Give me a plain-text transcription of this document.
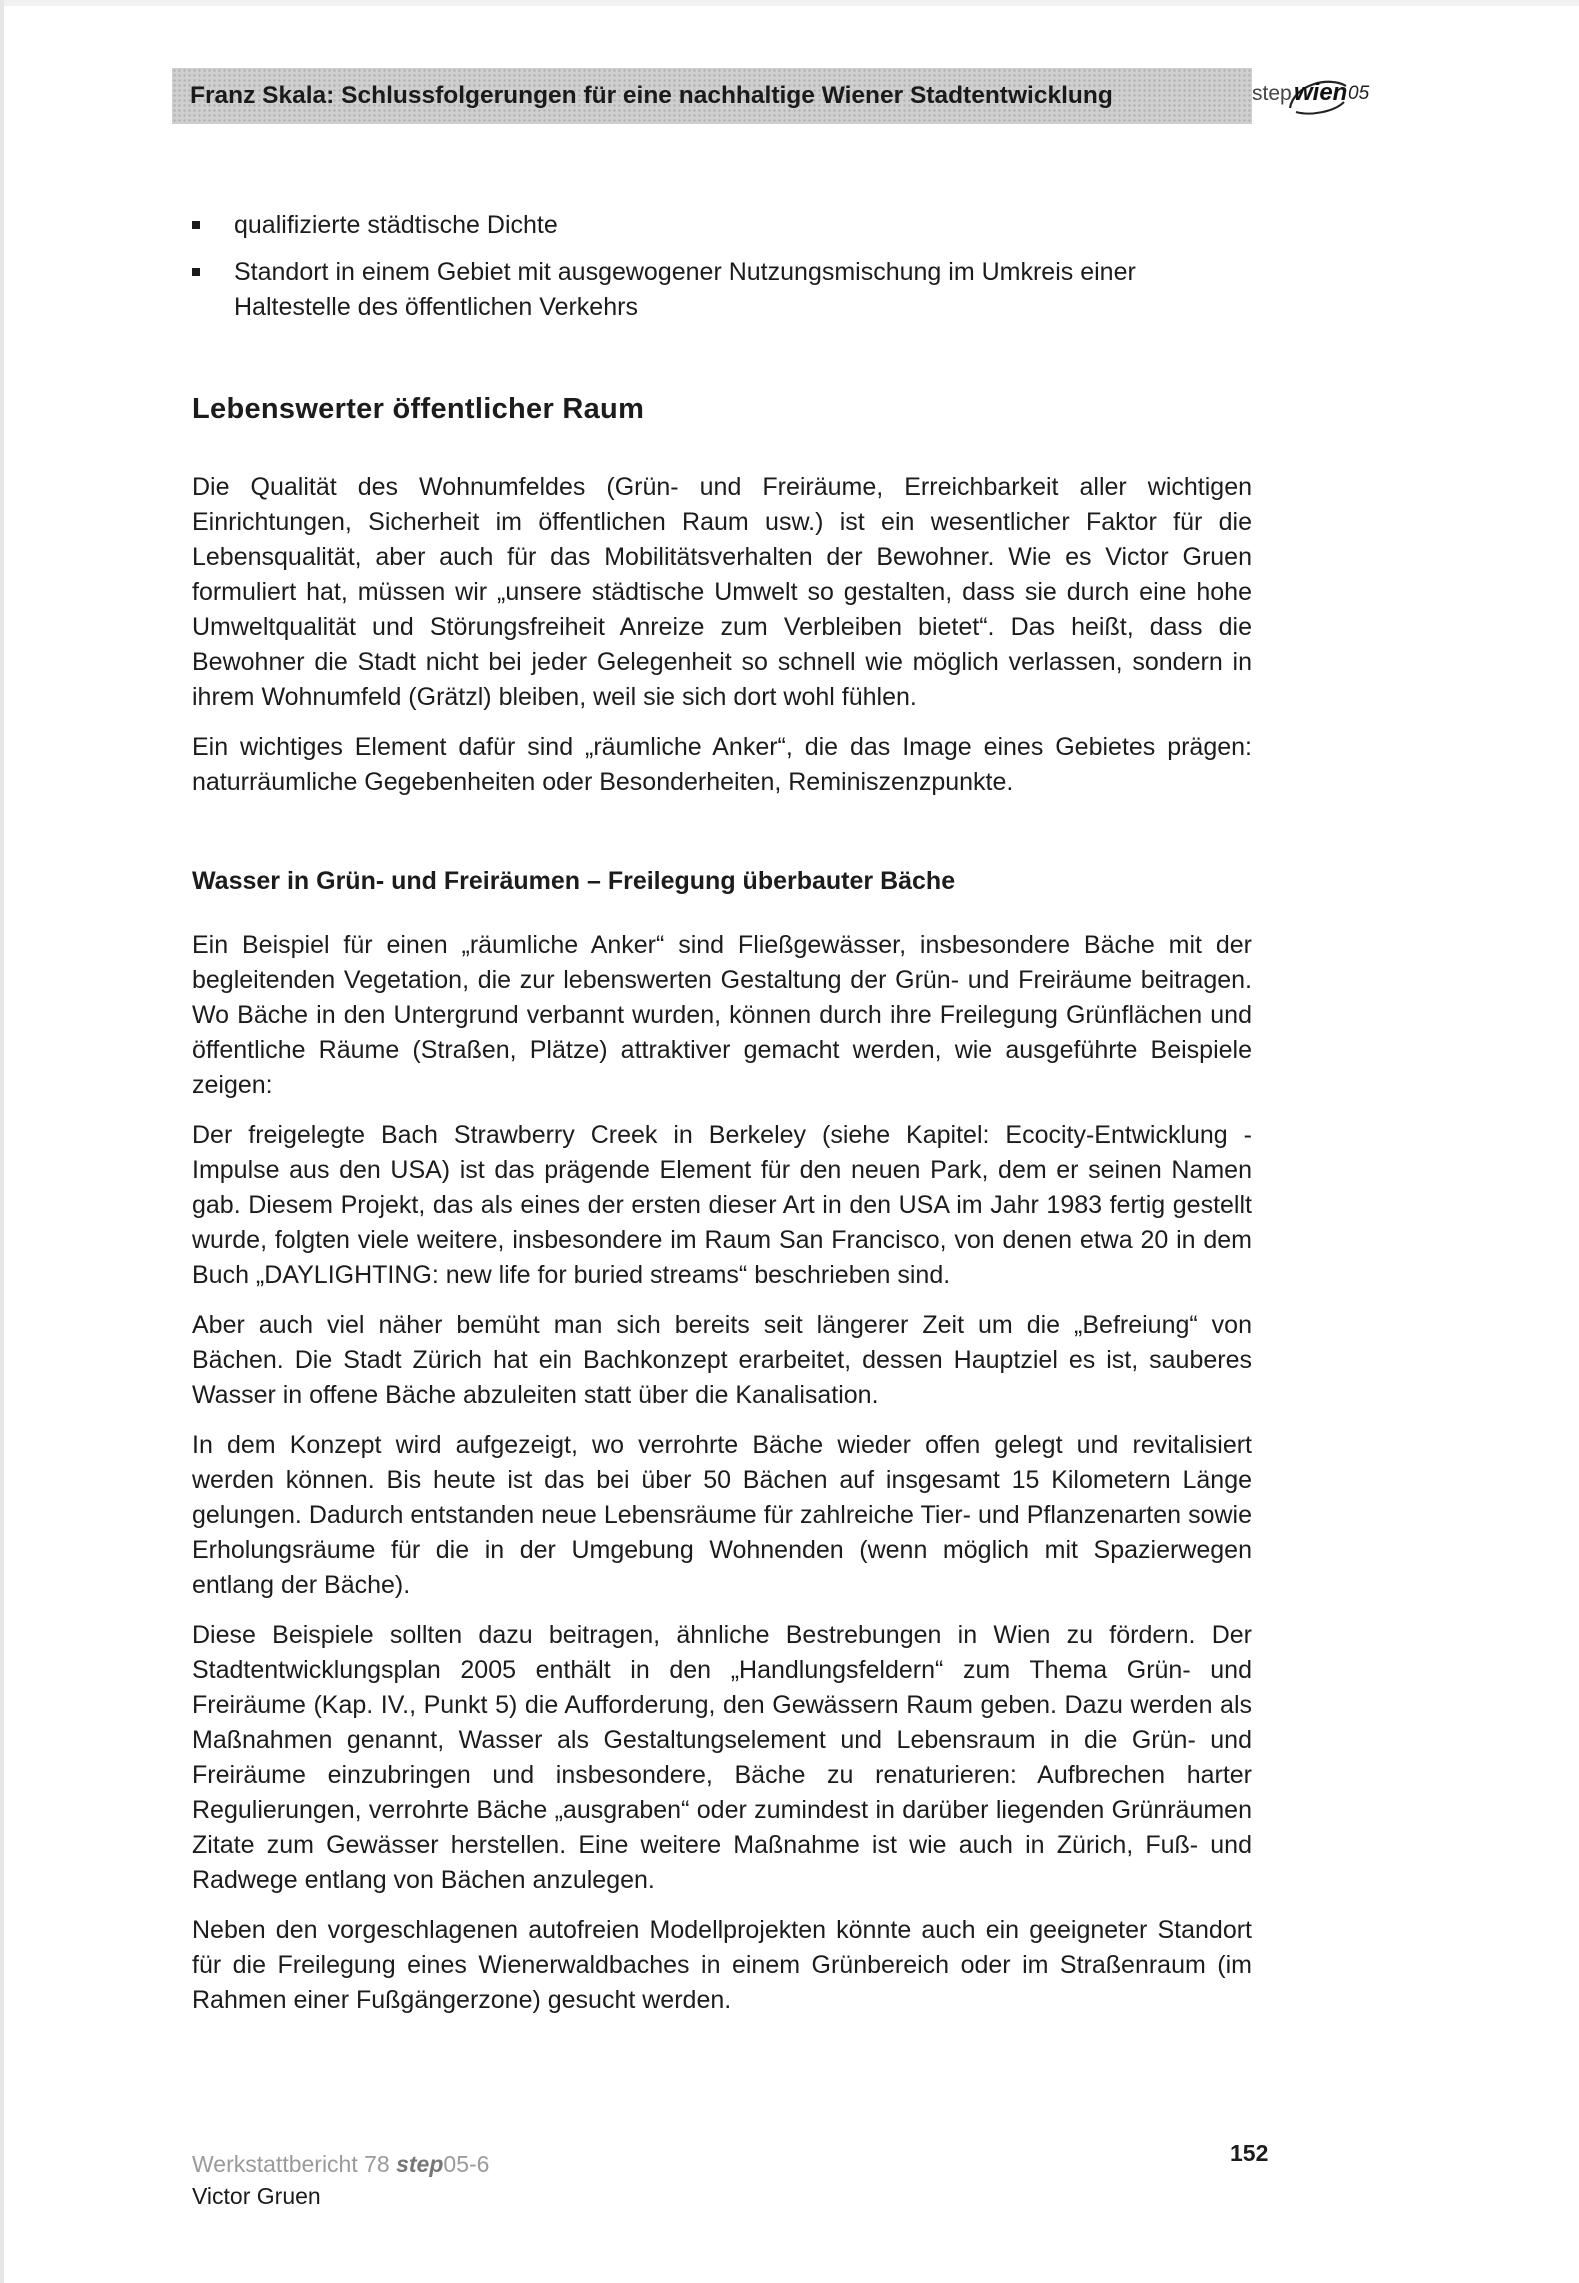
Franz Skala: Schlussfolgerungen für eine nachhaltige Wiener Stadtentwicklung	step wien 05
qualifizierte städtische Dichte
Standort in einem Gebiet mit ausgewogener Nutzungsmischung im Umkreis einer Haltestelle des öffentlichen Verkehrs
Lebenswerter öffentlicher Raum

Die Qualität des Wohnumfeldes (Grün- und Freiräume, Erreichbarkeit aller wichtigen Einrichtungen, Sicherheit im öffentlichen Raum usw.) ist ein wesentlicher Faktor für die Lebensqualität, aber auch für das Mobilitätsverhalten der Bewohner. Wie es Victor Gruen formuliert hat, müssen wir „unsere städtische Umwelt so gestalten, dass sie durch eine hohe Umweltqualität und Störungsfreiheit Anreize zum Verbleiben bietet“. Das heißt, dass die Bewohner die Stadt nicht bei jeder Gelegenheit so schnell wie möglich verlassen, sondern in ihrem Wohnumfeld (Grätzl) bleiben, weil sie sich dort wohl fühlen.

Ein wichtiges Element dafür sind „räumliche Anker“, die das Image eines Gebietes prägen: naturräumliche Gegebenheiten oder Besonderheiten, Reminiszenzpunkte.

Wasser in Grün- und Freiräumen – Freilegung überbauter Bäche

Ein Beispiel für einen „räumliche Anker“ sind Fließgewässer, insbesondere Bäche mit der begleitenden Vegetation, die zur lebenswerten Gestaltung der Grün- und Freiräume beitragen. Wo Bäche in den Untergrund verbannt wurden, können durch ihre Freilegung Grünflächen und öffentliche Räume (Straßen, Plätze) attraktiver gemacht werden, wie ausgeführte Beispiele zeigen:

Der freigelegte Bach Strawberry Creek in Berkeley (siehe Kapitel: Ecocity-Entwicklung - Impulse aus den USA) ist das prägende Element für den neuen Park, dem er seinen Namen gab. Diesem Projekt, das als eines der ersten dieser Art in den USA im Jahr 1983 fertig gestellt wurde, folgten viele weitere, insbesondere im Raum San Francisco, von denen etwa 20 in dem Buch „DAYLIGHTING: new life for buried streams“ beschrieben sind.

Aber auch viel näher bemüht man sich bereits seit längerer Zeit um die „Befreiung“ von Bächen. Die Stadt Zürich hat ein Bachkonzept erarbeitet, dessen Hauptziel es ist, sauberes Wasser in offene Bäche abzuleiten statt über die Kanalisation.

In dem Konzept wird aufgezeigt, wo verrohrte Bäche wieder offen gelegt und revitalisiert werden können. Bis heute ist das bei über 50 Bächen auf insgesamt 15 Kilometern Länge gelungen. Dadurch entstanden neue Lebensräume für zahlreiche Tier- und Pflanzenarten sowie Erholungsräume für die in der Umgebung Wohnenden (wenn möglich mit Spazierwegen entlang der Bäche).

Diese Beispiele sollten dazu beitragen, ähnliche Bestrebungen in Wien zu fördern. Der Stadtentwicklungsplan 2005 enthält in den „Handlungsfeldern“ zum Thema Grün- und Freiräume (Kap. IV., Punkt 5) die Aufforderung, den Gewässern Raum geben. Dazu werden als Maßnahmen genannt, Wasser als Gestaltungselement und Lebensraum in die Grün- und Freiräume einzubringen und insbesondere, Bäche zu renaturieren: Aufbrechen harter Regulierungen, verrohrte Bäche „ausgraben“ oder zumindest in darüber liegenden Grünräumen Zitate zum Gewässer herstellen. Eine weitere Maßnahme ist wie auch in Zürich, Fuß- und Radwege entlang von Bächen anzulegen.

Neben den vorgeschlagenen autofreien Modellprojekten könnte auch ein geeigneter Standort für die Freilegung eines Wienerwaldbaches in einem Grünbereich oder im Straßenraum (im Rahmen einer Fußgängerzone) gesucht werden.

Werkstattbericht 78 step05-6
Victor Gruen
152
